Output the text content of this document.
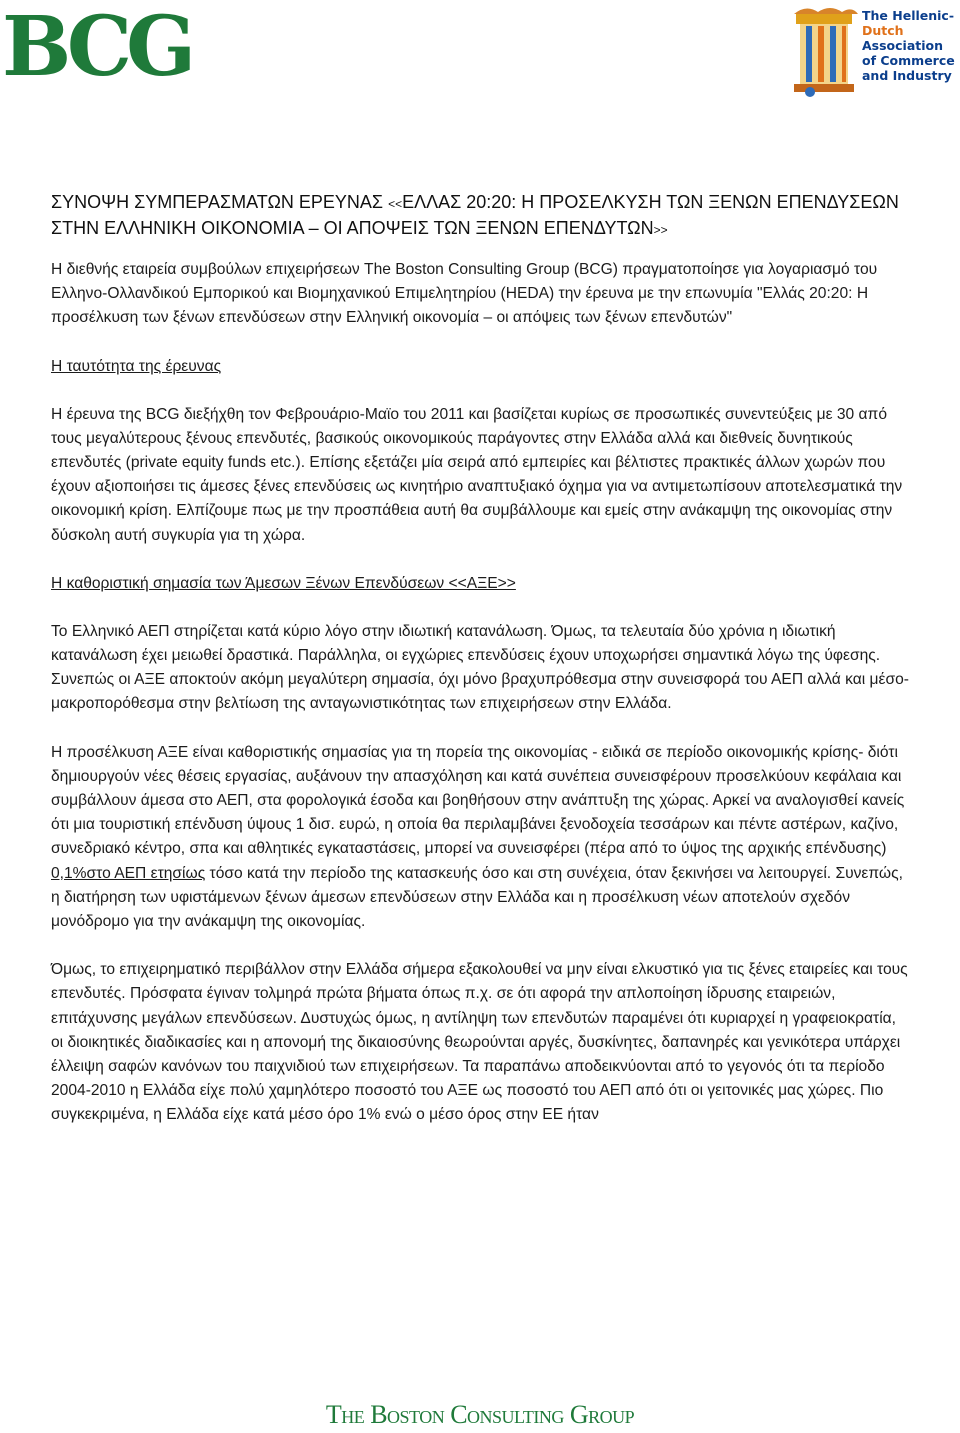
BCG	The Hellenic-
Dutch
Association
of Commerce
and Industry
ΣΥΝΟΨΗ ΣΥΜΠΕΡΑΣΜΑΤΩΝ ΕΡΕΥΝΑΣ <<ΕΛΛΑΣ 20:20: Η ΠΡΟΣΕΛΚΥΣΗ ΤΩΝ ΞΕΝΩΝ ΕΠΕΝΔΥΣΕΩΝ ΣΤΗΝ ΕΛΛΗΝΙΚΗ ΟΙΚΟΝΟΜΙΑ – ΟΙ ΑΠΟΨΕΙΣ ΤΩΝ ΞΕΝΩΝ ΕΠΕΝΔΥΤΩΝ>>

Η διεθνής εταιρεία συμβούλων επιχειρήσεων The Boston Consulting Group (BCG) πραγματοποίησε για λογαριασμό του Ελληνο-Ολλανδικού Εμπορικού και Βιομηχανικού Επιμελητηρίου (HEDA) την έρευνα με την επωνυμία "Ελλάς 20:20: Η προσέλκυση των ξένων επενδύσεων στην Ελληνική οικονομία – οι απόψεις των ξένων επενδυτών"

Η ταυτότητα της έρευνας

Η έρευνα της BCG διεξήχθη τον Φεβρουάριο-Μαϊο του 2011 και βασίζεται κυρίως σε προσωπικές συνεντεύξεις με 30 από τους μεγαλύτερους ξένους επενδυτές, βασικούς οικονομικούς παράγοντες στην Ελλάδα αλλά και διεθνείς δυνητικούς επενδυτές (private equity funds etc.). Επίσης εξετάζει μία σειρά από εμπειρίες και βέλτιστες πρακτικές άλλων χωρών που έχουν αξιοποιήσει τις άμεσες ξένες επενδύσεις ως κινητήριο αναπτυξιακό όχημα για να αντιμετωπίσουν αποτελεσματικά την οικονομική κρίση. Ελπίζουμε πως με την προσπάθεια αυτή θα συμβάλλουμε και εμείς στην ανάκαμψη της οικονομίας στην δύσκολη αυτή συγκυρία για τη χώρα.

Η καθοριστική σημασία των Άμεσων Ξένων Επενδύσεων <<ΑΞΕ>>

Το Ελληνικό ΑΕΠ στηρίζεται κατά κύριο λόγο στην ιδιωτική κατανάλωση. Όμως, τα τελευταία δύο χρόνια η ιδιωτική κατανάλωση έχει μειωθεί δραστικά. Παράλληλα, οι εγχώριες επενδύσεις έχουν υποχωρήσει σημαντικά λόγω της ύφεσης. Συνεπώς οι ΑΞΕ αποκτούν ακόμη μεγαλύτερη σημασία, όχι μόνο βραχυπρόθεσμα στην συνεισφορά του ΑΕΠ αλλά και μέσο-μακροπορόθεσμα στην βελτίωση της ανταγωνιστικότητας των επιχειρήσεων στην Ελλάδα.

Η προσέλκυση ΑΞΕ είναι καθοριστικής σημασίας για τη πορεία της οικονομίας - ειδικά σε περίοδο οικονομικής κρίσης- διότι δημιουργούν νέες θέσεις εργασίας, αυξάνουν την απασχόληση και κατά συνέπεια συνεισφέρουν προσελκύουν κεφάλαια και συμβάλλουν άμεσα στο ΑΕΠ, στα φορολογικά έσοδα και βοηθήσουν στην ανάπτυξη της χώρας. Αρκεί να αναλογισθεί κανείς ότι μια τουριστική επένδυση ύψους 1 δισ. ευρώ, η οποία θα περιλαμβάνει ξενοδοχεία τεσσάρων και πέντε αστέρων, καζίνο, συνεδριακό κέντρο, σπα και αθλητικές εγκαταστάσεις, μπορεί να συνεισφέρει (πέρα από το ύψος της αρχικής επένδυσης) 0,1%στο ΑΕΠ ετησίως τόσο κατά την περίοδο της κατασκευής όσο και στη συνέχεια, όταν ξεκινήσει να λειτουργεί. Συνεπώς, η διατήρηση των υφιστάμενων ξένων άμεσων επενδύσεων στην Ελλάδα και η προσέλκυση νέων αποτελούν σχεδόν μονόδρομο για την ανάκαμψη της οικονομίας.

Όμως, το επιχειρηματικό περιβάλλον στην Ελλάδα σήμερα εξακολουθεί να μην είναι ελκυστικό για τις ξένες εταιρείες και τους επενδυτές. Πρόσφατα έγιναν τολμηρά πρώτα βήματα όπως π.χ. σε ότι αφορά την απλοποίηση ίδρυσης εταιρειών, επιτάχυνσης μεγάλων επενδύσεων. Δυστυχώς όμως, η αντίληψη των επενδυτών παραμένει ότι κυριαρχεί η γραφειοκρατία, οι διοικητικές διαδικασίες και η απονομή της δικαιοσύνης θεωρούνται αργές, δυσκίνητες, δαπανηρές και γενικότερα υπάρχει έλλειψη σαφών κανόνων του παιχνιδιού των επιχειρήσεων. Τα παραπάνω αποδεικνύονται από το γεγονός ότι τα περίοδο 2004-2010 η Ελλάδα είχε πολύ χαμηλότερο ποσοστό του ΑΞΕ ως ποσοστό του ΑΕΠ από ότι οι γειτονικές μας χώρες. Πιο συγκεκριμένα, η Ελλάδα είχε κατά μέσο όρο 1% ενώ ο μέσο όρος στην ΕΕ ήταν

The Boston Consulting Group
